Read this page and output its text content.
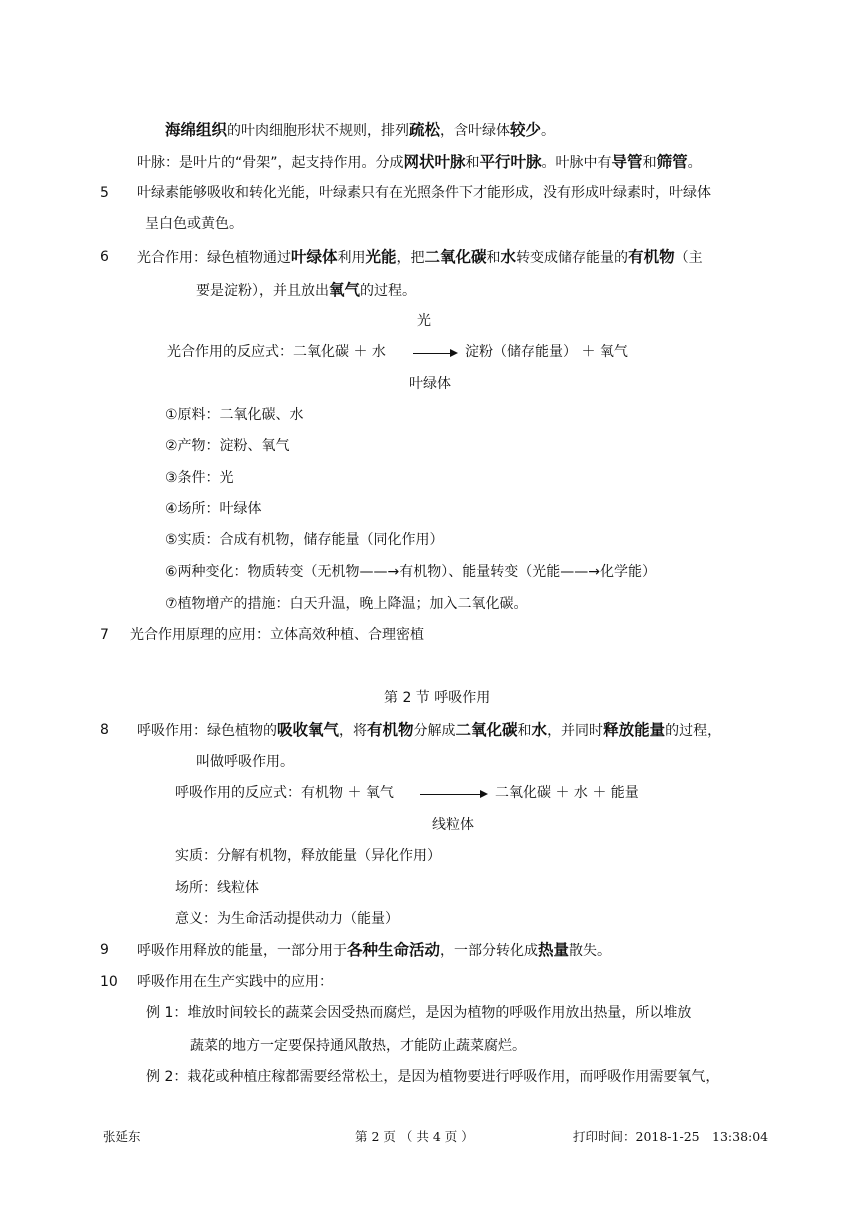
海绵组织的叶肉细胞形状不规则，排列疏松，含叶绿体较少。
叶脉：是叶片的“骨架”，起支持作用。分成网状叶脉和平行叶脉。叶脉中有导管和筛管。
5 叶绿素能够吸收和转化光能，叶绿素只有在光照条件下才能形成，没有形成叶绿素时，叶绿体
呈白色或黄色。
6 光合作用：绿色植物通过叶绿体利用光能，把二氧化碳和水转变成储存能量的有机物（主
要是淀粉），并且放出氧气的过程。
光
光合作用的反应式：二氧化碳 ＋ 水 → 淀粉（储存能量） ＋ 氧气
叶绿体
①原料：二氧化碳、水
②产物：淀粉、氧气
③条件：光
④场所：叶绿体
⑤实质：合成有机物，储存能量（同化作用）
⑥两种变化：物质转变（无机物——→有机物）、能量转变（光能——→化学能）
⑦植物增产的措施：白天升温，晚上降温；加入二氧化碳。
7 光合作用原理的应用：立体高效种植、合理密植
第 2 节 呼吸作用
8 呼吸作用：绿色植物的吸收氧气，将有机物分解成二氧化碳和水，并同时释放能量的过程，
叫做呼吸作用。
呼吸作用的反应式：有机物 ＋ 氧气	二氧化碳 ＋ 水 ＋ 能量
线粒体
实质：分解有机物，释放能量（异化作用）
场所：线粒体
意义：为生命活动提供动力（能量）
9 呼吸作用释放的能量，一部分用于各种生命活动，一部分转化成热量散失。
10 呼吸作用在生产实践中的应用：
例 1：堆放时间较长的蔬菜会因受热而腐烂，是因为植物的呼吸作用放出热量，所以堆放
蔬菜的地方一定要保持通风散热，才能防止蔬菜腐烂。
例 2：栽花或种植庄稼都需要经常松土，是因为植物要进行呼吸作用，而呼吸作用需要氧气，
张延东	第 2 页 （ 共 4 页 ）	打印时间：2018-1-25 13:38:04
